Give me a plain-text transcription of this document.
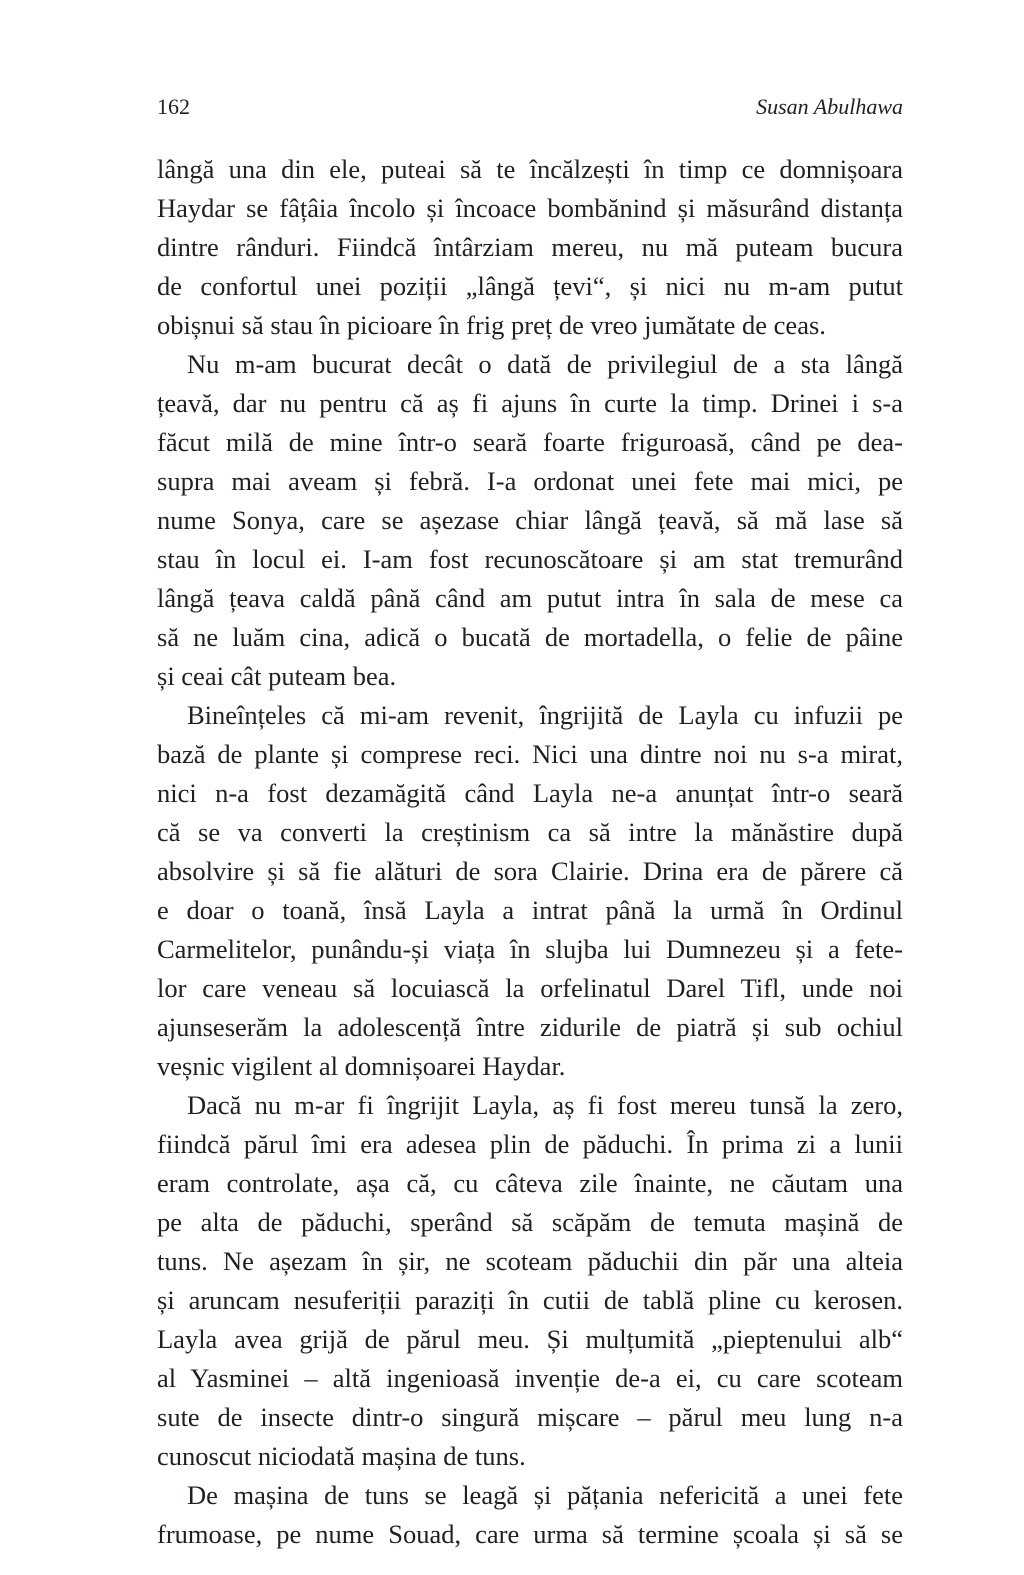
162	Susan Abulhawa
lângă una din ele, puteai să te încălzești în timp ce domnișoara
Haydar se fâțâia încolo și încoace bombănind și măsurând distanța
dintre rânduri. Fiindcă întârziam mereu, nu mă puteam bucura
de confortul unei poziții „lângă țevi“, și nici nu m-am putut
obișnui să stau în picioare în frig preț de vreo jumătate de ceas.
Nu m-am bucurat decât o dată de privilegiul de a sta lângă
țeavă, dar nu pentru că aș fi ajuns în curte la timp. Drinei i s-a
făcut milă de mine într-o seară foarte friguroasă, când pe dea-
supra mai aveam și febră. I-a ordonat unei fete mai mici, pe
nume Sonya, care se așezase chiar lângă țeavă, să mă lase să
stau în locul ei. I-am fost recunoscătoare și am stat tremurând
lângă țeava caldă până când am putut intra în sala de mese ca
să ne luăm cina, adică o bucată de mortadella, o felie de pâine
și ceai cât puteam bea.
Bineînțeles că mi-am revenit, îngrijită de Layla cu infuzii pe
bază de plante și comprese reci. Nici una dintre noi nu s-a mirat,
nici n-a fost dezamăgită când Layla ne-a anunțat într-o seară
că se va converti la creștinism ca să intre la mănăstire după
absolvire și să fie alături de sora Clairie. Drina era de părere că
e doar o toană, însă Layla a intrat până la urmă în Ordinul
Carmelitelor, punându-și viața în slujba lui Dumnezeu și a fete-
lor care veneau să locuiască la orfelinatul Darel Tifl, unde noi
ajunseserăm la adolescență între zidurile de piatră și sub ochiul
veșnic vigilent al domnișoarei Haydar.
Dacă nu m-ar fi îngrijit Layla, aș fi fost mereu tunsă la zero,
fiindcă părul îmi era adesea plin de păduchi. În prima zi a lunii
eram controlate, așa că, cu câteva zile înainte, ne căutam una
pe alta de păduchi, sperând să scăpăm de temuta mașină de
tuns. Ne așezam în șir, ne scoteam păduchii din păr una alteia
și aruncam nesuferiții paraziți în cutii de tablă pline cu kerosen.
Layla avea grijă de părul meu. Și mulțumită „pieptenului alb“
al Yasminei – altă ingenioasă invenție de-a ei, cu care scoteam
sute de insecte dintr-o singură mișcare – părul meu lung n-a
cunoscut niciodată mașina de tuns.
De mașina de tuns se leagă și pățania nefericită a unei fete
frumoase, pe nume Souad, care urma să termine școala și să se
